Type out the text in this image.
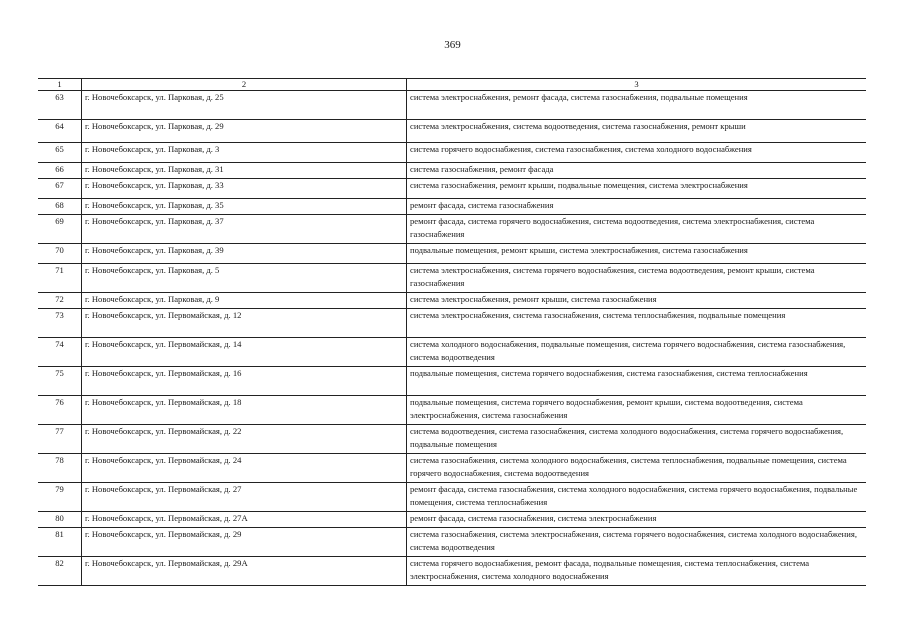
369
1	2	3
63	г. Новочебоксарск, ул. Парковая, д. 25	система электроснабжения, ремонт фасада, система газоснабжения, подвальные помещения
64	г. Новочебоксарск, ул. Парковая, д. 29	система электроснабжения, система водоотведения, система газоснабжения, ремонт крыши
65	г. Новочебоксарск, ул. Парковая, д. 3	система горячего водоснабжения, система газоснабжения, система холодного водоснабжения
66	г. Новочебоксарск, ул. Парковая, д. 31	система газоснабжения, ремонт фасада
67	г. Новочебоксарск, ул. Парковая, д. 33	система газоснабжения, ремонт крыши, подвальные помещения, система электроснабжения
68	г. Новочебоксарск, ул. Парковая, д. 35	ремонт фасада, система газоснабжения
69	г. Новочебоксарск, ул. Парковая, д. 37	ремонт фасада, система горячего водоснабжения, система водоотведения, система электроснабжения, система газоснабжения
70	г. Новочебоксарск, ул. Парковая, д. 39	подвальные помещения, ремонт крыши, система электроснабжения, система газоснабжения
71	г. Новочебоксарск, ул. Парковая, д. 5	система электроснабжения, система горячего водоснабжения, система водоотведения, ремонт крыши, система газоснабжения
72	г. Новочебоксарск, ул. Парковая, д. 9	система электроснабжения, ремонт крыши, система газоснабжения
73	г. Новочебоксарск, ул. Первомайская, д. 12	система электроснабжения, система газоснабжения, система теплоснабжения, подвальные помещения
74	г. Новочебоксарск, ул. Первомайская, д. 14	система холодного водоснабжения, подвальные помещения, система горячего водоснабжения, система газоснабжения, система водоотведения
75	г. Новочебоксарск, ул. Первомайская, д. 16	подвальные помещения, система горячего водоснабжения, система газоснабжения, система теплоснабжения
76	г. Новочебоксарск, ул. Первомайская, д. 18	подвальные помещения, система горячего водоснабжения, ремонт крыши, система водоотведения, система электроснабжения, система газоснабжения
77	г. Новочебоксарск, ул. Первомайская, д. 22	система водоотведения, система газоснабжения, система холодного водоснабжения, система горячего водоснабжения, подвальные помещения
78	г. Новочебоксарск, ул. Первомайская, д. 24	система газоснабжения, система холодного водоснабжения, система теплоснабжения, подвальные помещения, система горячего водоснабжения, система водоотведения
79	г. Новочебоксарск, ул. Первомайская, д. 27	ремонт фасада, система газоснабжения, система холодного водоснабжения, система горячего водоснабжения, подвальные помещения, система теплоснабжения
80	г. Новочебоксарск, ул. Первомайская, д. 27А	ремонт фасада, система газоснабжения, система электроснабжения
81	г. Новочебоксарск, ул. Первомайская, д. 29	система газоснабжения, система электроснабжения, система горячего водоснабжения, система холодного водоснабжения, система водоотведения
82	г. Новочебоксарск, ул. Первомайская, д. 29А	система горячего водоснабжения, ремонт фасада, подвальные помещения, система теплоснабжения, система электроснабжения, система холодного водоснабжения
